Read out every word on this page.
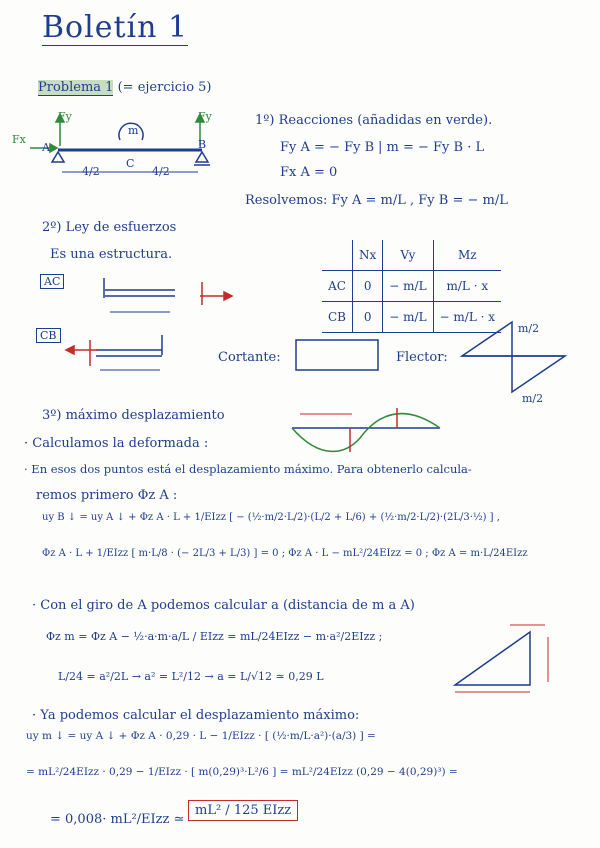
Boletín 1
Problema 1 (= ejercicio 5)
Fy	Fy
Fx
m
A	B
C
4/2	4/2
1º) Reacciones (añadidas en verde).
Fy A = − Fy B | m = − Fy B · L
Fx A = 0
Resolvemos: Fy A = m/L , Fy B = − m/L
2º) Ley de esfuerzos
Es una estructura.
AC
CB
	Nx	Vy	Mz
AC	0	− m/L	m/L · x
CB	0	− m/L	− m/L · x
Cortante:	Flector:
m/2
m/2
3º) máximo desplazamiento
· Calculamos la deformada :
· En esos dos puntos está el desplazamiento máximo. Para obtenerlo calcula-
remos primero Φz A :
uy B ↓ = uy A ↓ + Φz A · L + 1/EIzz [ − (½·m/2·L/2)·(L/2 + L/6) + (½·m/2·L/2)·(2L/3·½) ] ,
Φz A · L + 1/EIzz [ m·L/8 · (− 2L/3 + L/3) ] = 0 ; Φz A · L − mL²/24EIzz = 0 ; Φz A = m·L/24EIzz
· Con el giro de A podemos calcular a (distancia de m a A)
Φz m = Φz A − ½·a·m·a/L / EIzz = mL/24EIzz − m·a²/2EIzz ;
L/24 = a²/2L → a² = L²/12 → a = L/√12 ≃ 0,29 L
· Ya podemos calcular el desplazamiento máximo:
uy m ↓ = uy A ↓ + Φz A · 0,29 · L − 1/EIzz · [ (½·m/L·a²)·(a/3) ] =
= mL²/24EIzz · 0,29 − 1/EIzz · [ m(0,29)³·L²/6 ] = mL²/24EIzz (0,29 − 4(0,29)³) =
= 0,008· mL²/EIzz ≃
mL² / 125 EIzz
